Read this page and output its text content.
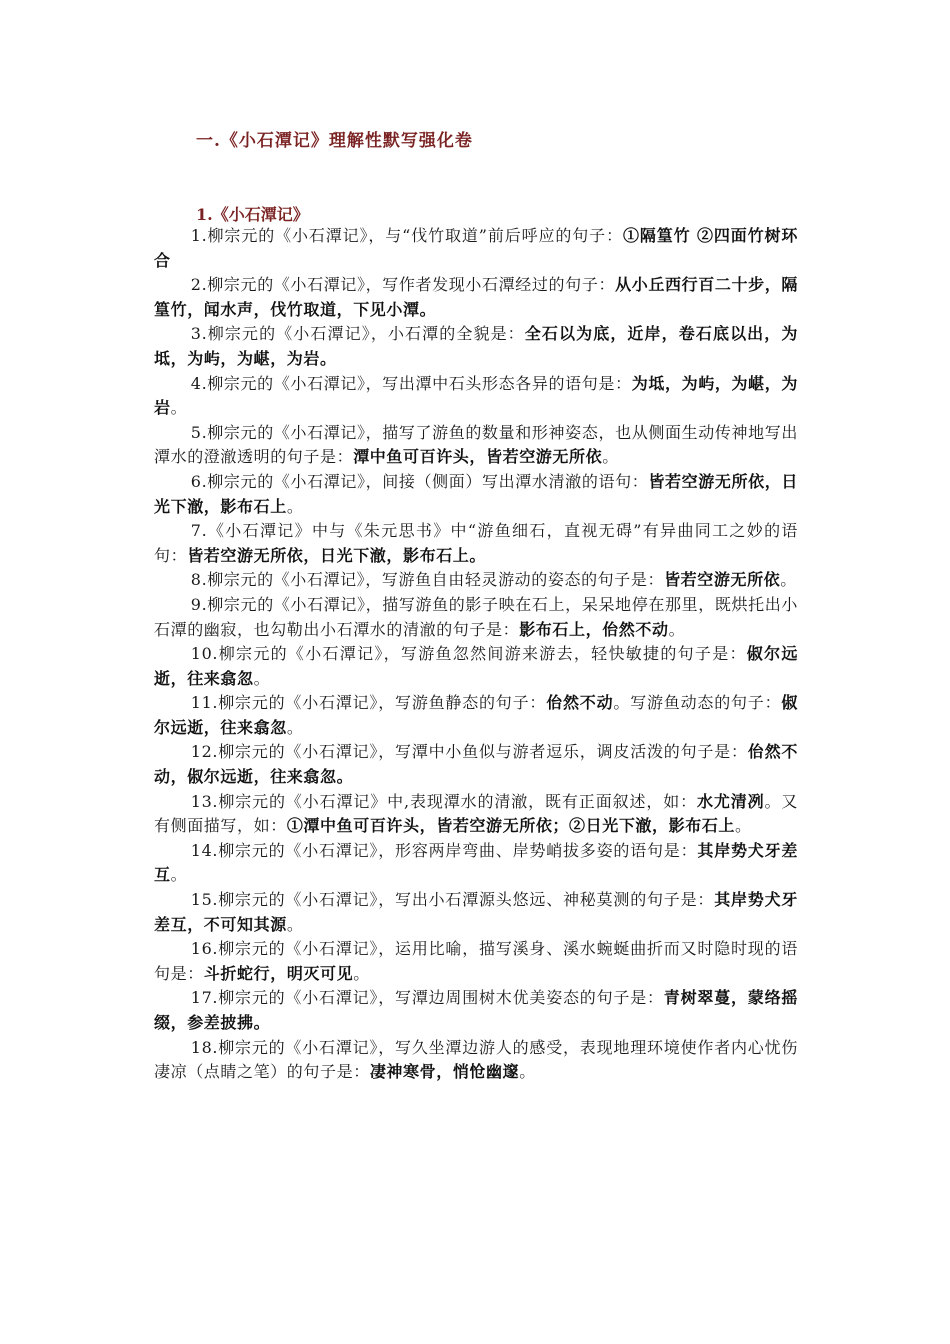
一.《小石潭记》理解性默写强化卷
1.《小石潭记》

1.柳宗元的《小石潭记》，与“伐竹取道”前后呼应的句子：①隔篁竹 ②四面竹树环合

2.柳宗元的《小石潭记》，写作者发现小石潭经过的句子：从小丘西行百二十步，隔篁竹，闻水声，伐竹取道，下见小潭。

3.柳宗元的《小石潭记》，小石潭的全貌是：全石以为底，近岸，卷石底以出，为坻，为屿，为嵁，为岩。

4.柳宗元的《小石潭记》，写出潭中石头形态各异的语句是：为坻，为屿，为嵁，为岩。

5.柳宗元的《小石潭记》，描写了游鱼的数量和形神姿态，也从侧面生动传神地写出潭水的澄澈透明的句子是：潭中鱼可百许头，皆若空游无所依。

6.柳宗元的《小石潭记》，间接（侧面）写出潭水清澈的语句：皆若空游无所依，日光下澈，影布石上。

7.《小石潭记》中与《朱元思书》中“游鱼细石，直视无碍”有异曲同工之妙的语句：皆若空游无所依，日光下澈，影布石上。

8.柳宗元的《小石潭记》，写游鱼自由轻灵游动的姿态的句子是：皆若空游无所依。

9.柳宗元的《小石潭记》，描写游鱼的影子映在石上，呆呆地停在那里，既烘托出小石潭的幽寂，也勾勒出小石潭水的清澈的句子是：影布石上，佁然不动。

10.柳宗元的《小石潭记》，写游鱼忽然间游来游去，轻快敏捷的句子是：俶尔远逝，往来翕忽。

11.柳宗元的《小石潭记》，写游鱼静态的句子：佁然不动。写游鱼动态的句子：俶尔远逝，往来翕忽。

12.柳宗元的《小石潭记》，写潭中小鱼似与游者逗乐，调皮活泼的句子是：佁然不动，俶尔远逝，往来翕忽。

13.柳宗元的《小石潭记》中,表现潭水的清澈，既有正面叙述，如：水尤清冽。又有侧面描写，如：①潭中鱼可百许头，皆若空游无所依；②日光下澈，影布石上。

14.柳宗元的《小石潭记》，形容两岸弯曲、岸势峭拔多姿的语句是：其岸势犬牙差互。

15.柳宗元的《小石潭记》，写出小石潭源头悠远、神秘莫测的句子是：其岸势犬牙差互，不可知其源。

16.柳宗元的《小石潭记》，运用比喻，描写溪身、溪水蜿蜒曲折而又时隐时现的语句是：斗折蛇行，明灭可见。

17.柳宗元的《小石潭记》，写潭边周围树木优美姿态的句子是：青树翠蔓，蒙络摇缀，参差披拂。

18.柳宗元的《小石潭记》，写久坐潭边游人的感受，表现地理环境使作者内心忧伤凄凉（点睛之笔）的句子是：凄神寒骨，悄怆幽邃。
